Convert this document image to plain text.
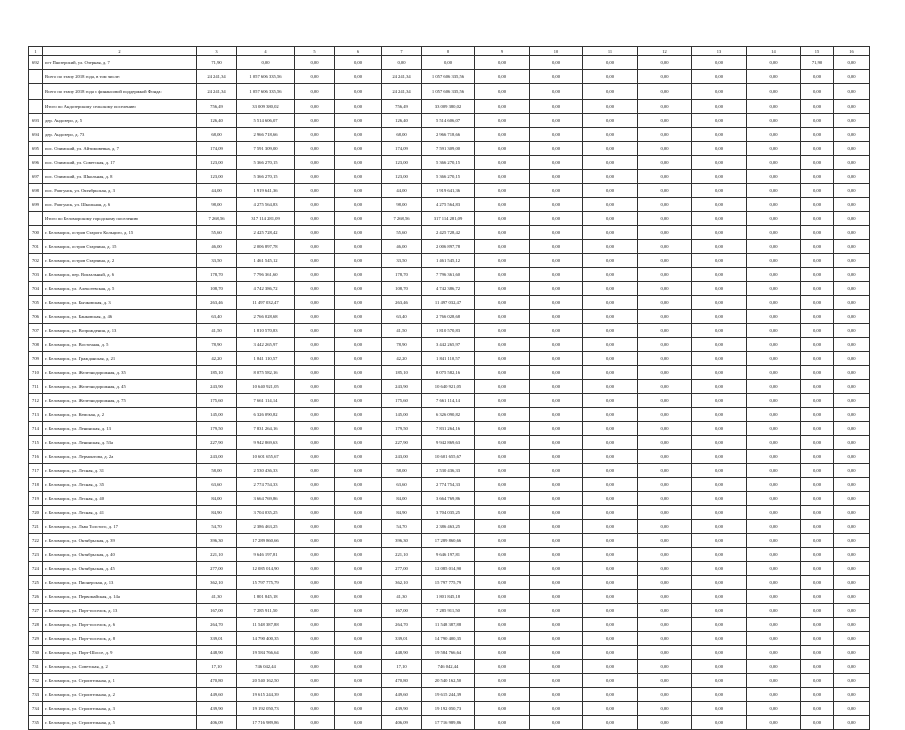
1	2	3	4	5	6	7	8	9	10	11	12	13	14	15	16
692	пгт Пяозерский, ул. Озерная, д. 7	71,90	0,00	0,00	0,00	0,00	0,00	0,00	0,00	0,00	0,00	0,00	0,00	71,90	0,00
	Всего по этапу 2018 года, в том числе:	24 241,34	1 057 606 335,56	0,00	0,00	24 241,34	1 057 606 335,56	0,00	0,00	0,00	0,00	0,00	0,00	0,00	0,00
	Всего по этапу 2018 года с финансовой поддержкой Фонда:	24 241,34	1 057 606 335,56	0,00	0,00	24 241,34	1 057 606 335,56	0,00	0,00	0,00	0,00	0,00	0,00	0,00	0,00
	Итого по Андозерскому сельскому поселению	756,49	33 009 380,02	0,00	0,00	756,49	33 009 380,02	0,00	0,00	0,00	0,00	0,00	0,00	0,00	0,00
693	дер. Андозеро, д. 5	126,40	5 514 606,07	0,00	0,00	126,40	5 514 606,07	0,00	0,00	0,00	0,00	0,00	0,00	0,00	0,00
694	дер. Андозеро, д. 73	68,00	2 966 718,66	0,00	0,00	68,00	2 966 718,66	0,00	0,00	0,00	0,00	0,00	0,00	0,00	0,00
695	пос. Олимский, ул. Айтимовевна, д. 7	174,09	7 591 309,00	0,00	0,00	174,09	7 591 309,00	0,00	0,00	0,00	0,00	0,00	0,00	0,00	0,00
696	пос. Олимский, ул. Советская, д. 17	123,00	5 366 270,15	0,00	0,00	123,00	5 366 270,15	0,00	0,00	0,00	0,00	0,00	0,00	0,00	0,00
697	пос. Олимский, ул. Школьная, д. 8	123,00	5 366 270,15	0,00	0,00	123,00	5 366 270,15	0,00	0,00	0,00	0,00	0,00	0,00	0,00	0,00
698	пос. Рапгунск, ул. Октябрьская, д. 3	44,00	1 919 641,36	0,00	0,00	44,00	1 919 641,36	0,00	0,00	0,00	0,00	0,00	0,00	0,00	0,00
699	пос. Рапгунск, ул. Школьная, д. 6	98,00	4 275 564,83	0,00	0,00	98,00	4 275 564,83	0,00	0,00	0,00	0,00	0,00	0,00	0,00	0,00
	Итого по Беломорскому городскому поселению	7 268,56	317 114 281,09	0,00	0,00	7 268,56	317 114 281,09	0,00	0,00	0,00	0,00	0,00	0,00	0,00	0,00
700	г. Беломорск, остров Старого Кольциго, д. 15	55,60	2 425 728,42	0,00	0,00	55,60	2 425 728,42	0,00	0,00	0,00	0,00	0,00	0,00	0,00	0,00
701	г. Беломорск, остров Старчина, д. 15	46,00	2 006 897,78	0,00	0,00	46,00	2 006 897,78	0,00	0,00	0,00	0,00	0,00	0,00	0,00	0,00
702	г. Беломорск, остров Старчина, д. 2	33,50	1 461 545,12	0,00	0,00	33,50	1 461 545,12	0,00	0,00	0,00	0,00	0,00	0,00	0,00	0,00
703	г. Беломорск, пер. Вокзальный, д. 6	178,70	7 796 361,60	0,00	0,00	178,70	7 796 361,60	0,00	0,00	0,00	0,00	0,00	0,00	0,00	0,00
704	г. Беломорск, ул. Алексеевская, д. 5	108,70	4 742 386,72	0,00	0,00	108,70	4 742 386,72	0,00	0,00	0,00	0,00	0,00	0,00	0,00	0,00
705	г. Беломорск, ул. Бычковская, д. 3	263,46	11 497 032,47	0,00	0,00	263,46	11 497 032,47	0,00	0,00	0,00	0,00	0,00	0,00	0,00	0,00
706	г. Беломорск, ул. Банковская, д. 46	63,40	2 766 028,68	0,00	0,00	63,40	2 766 028,68	0,00	0,00	0,00	0,00	0,00	0,00	0,00	0,00
707	г. Беломорск, ул. Возрождения, д. 13	41,50	1 810 570,83	0,00	0,00	41,50	1 810 570,83	0,00	0,00	0,00	0,00	0,00	0,00	0,00	0,00
708	г. Беломорск, ул. Восточная, д. 5	78,90	3 442 265,97	0,00	0,00	78,90	3 442 265,97	0,00	0,00	0,00	0,00	0,00	0,00	0,00	0,00
709	г. Беломорск, ул. Гражданская, д. 21	42,20	1 841 110,57	0,00	0,00	42,20	1 841 110,57	0,00	0,00	0,00	0,00	0,00	0,00	0,00	0,00
710	г. Беломорск, ул. Железнодорожная, д. 35	185,10	8 075 582,16	0,00	0,00	185,10	8 075 582,16	0,00	0,00	0,00	0,00	0,00	0,00	0,00	0,00
711	г. Беломорск, ул. Железнодорожная, д. 45	243,90	10 640 921,05	0,00	0,00	243,90	10 640 921,05	0,00	0,00	0,00	0,00	0,00	0,00	0,00	0,00
712	г. Беломорск, ул. Железнодорожная, д. 75	175,60	7 661 114,14	0,00	0,00	175,60	7 661 114,14	0,00	0,00	0,00	0,00	0,00	0,00	0,00	0,00
713	г. Беломорск, ул. Кемская, д. 2	145,00	6 326 090,82	0,00	0,00	145,00	6 326 090,82	0,00	0,00	0,00	0,00	0,00	0,00	0,00	0,00
714	г. Беломорск, ул. Ленинская, д. 13	179,50	7 831 264,16	0,00	0,00	179,50	7 831 264,16	0,00	0,00	0,00	0,00	0,00	0,00	0,00	0,00
715	г. Беломорск, ул. Ленинская, д. 53а	227,90	9 942 869,63	0,00	0,00	227,90	9 942 869,63	0,00	0,00	0,00	0,00	0,00	0,00	0,00	0,00
716	г. Беломорск, ул. Лермонтова, д. 2а	243,00	10 601 655,67	0,00	0,00	243,00	10 601 655,67	0,00	0,00	0,00	0,00	0,00	0,00	0,00	0,00
717	г. Беломорск, ул. Лесная, д. 31	58,00	2 530 436,33	0,00	0,00	58,00	2 530 436,33	0,00	0,00	0,00	0,00	0,00	0,00	0,00	0,00
718	г. Беломорск, ул. Лесная, д. 35	63,60	2 774 754,33	0,00	0,00	63,60	2 774 754,33	0,00	0,00	0,00	0,00	0,00	0,00	0,00	0,00
719	г. Беломорск, ул. Лесная, д. 40	84,00	3 664 769,86	0,00	0,00	84,00	3 664 769,86	0,00	0,00	0,00	0,00	0,00	0,00	0,00	0,00
720	г. Беломорск, ул. Лесная, д. 41	84,90	3 704 035,25	0,00	0,00	84,90	3 704 035,25	0,00	0,00	0,00	0,00	0,00	0,00	0,00	0,00
721	г. Беломорск, ул. Льва Толстого, д. 17	54,70	2 386 463,25	0,00	0,00	54,70	2 386 463,25	0,00	0,00	0,00	0,00	0,00	0,00	0,00	0,00
722	г. Беломорск, ул. Октябрьская, д. 39	396,30	17 289 860,66	0,00	0,00	396,30	17 289 860,66	0,00	0,00	0,00	0,00	0,00	0,00	0,00	0,00
723	г. Беломорск, ул. Октябрьская, д. 40	221,10	9 646 197,81	0,00	0,00	221,10	9 646 197,81	0,00	0,00	0,00	0,00	0,00	0,00	0,00	0,00
724	г. Беломорск, ул. Октябрьская, д. 45	277,00	12 085 014,90	0,00	0,00	277,00	12 085 014,90	0,00	0,00	0,00	0,00	0,00	0,00	0,00	0,00
725	г. Беломорск, ул. Пионерская, д. 13	362,10	15 797 775,79	0,00	0,00	362,10	15 797 775,79	0,00	0,00	0,00	0,00	0,00	0,00	0,00	0,00
726	г. Беломорск, ул. Первомайская, д. 14а	41,30	1 801 845,18	0,00	0,00	41,30	1 801 845,18	0,00	0,00	0,00	0,00	0,00	0,00	0,00	0,00
727	г. Беломорск, ул. Порт-поселок, д. 13	167,00	7 285 911,50	0,00	0,00	167,00	7 285 911,50	0,00	0,00	0,00	0,00	0,00	0,00	0,00	0,00
728	г. Беломорск, ул. Порт-поселок, д. 6	264,70	11 548 387,88	0,00	0,00	264,70	11 548 387,88	0,00	0,00	0,00	0,00	0,00	0,00	0,00	0,00
729	г. Беломорск, ул. Порт-поселок, д. 8	339,01	14 790 400,35	0,00	0,00	339,01	14 790 400,35	0,00	0,00	0,00	0,00	0,00	0,00	0,00	0,00
730	г. Беломорск, ул. Порт-Шоссе, д. 9	448,90	19 584 766,64	0,00	0,00	448,90	19 584 766,64	0,00	0,00	0,00	0,00	0,00	0,00	0,00	0,00
731	г. Беломорск, ул. Советская, д. 2	17,10	746 042,44	0,00	0,00	17,10	746 042,44	0,00	0,00	0,00	0,00	0,00	0,00	0,00	0,00
732	г. Беломорск, ул. Строительная, д. 1	470,80	20 540 162,50	0,00	0,00	470,80	20 540 162,50	0,00	0,00	0,00	0,00	0,00	0,00	0,00	0,00
733	г. Беломорск, ул. Строительная, д. 2	449,60	19 615 244,39	0,00	0,00	449,60	19 615 244,39	0,00	0,00	0,00	0,00	0,00	0,00	0,00	0,00
734	г. Беломорск, ул. Строительная, д. 3	439,90	19 192 050,73	0,00	0,00	439,90	19 192 050,73	0,00	0,00	0,00	0,00	0,00	0,00	0,00	0,00
735	г. Беломорск, ул. Строительная, д. 5	406,09	17 716 989,86	0,00	0,00	406,09	17 716 989,86	0,00	0,00	0,00	0,00	0,00	0,00	0,00	0,00
